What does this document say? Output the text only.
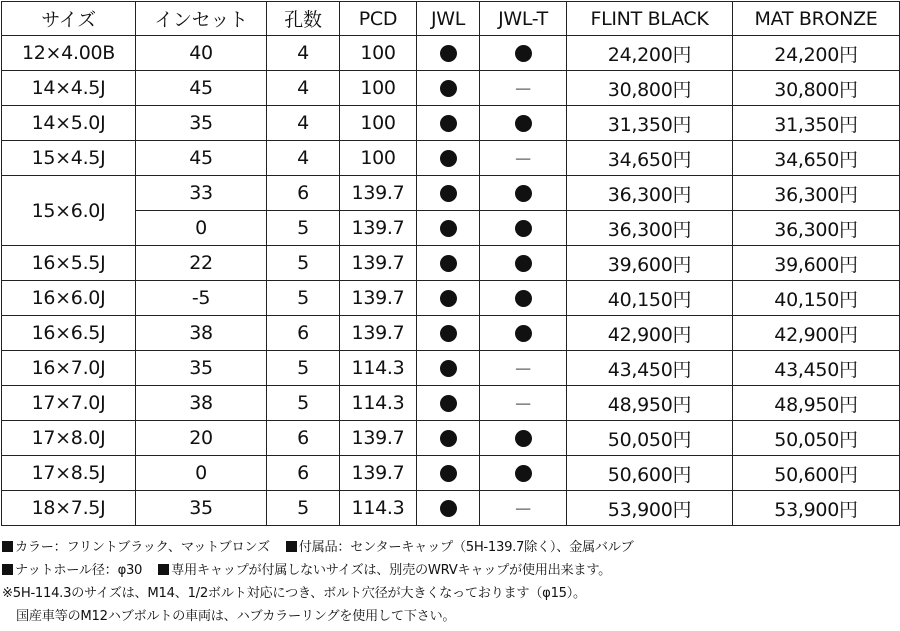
サイズ	インセット	孔数	PCD	JWL	JWL-T	FLINT BLACK	MAT BRONZE
12×4.00B	40	4	100			24,200円	24,200円
14×4.5J	45	4	100		－	30,800円	30,800円
14×5.0J	35	4	100			31,350円	31,350円
15×4.5J	45	4	100		－	34,650円	34,650円
15×6.0J	33	6	139.7			36,300円	36,300円
	0	5	139.7			36,300円	36,300円
16×5.5J	22	5	139.7			39,600円	39,600円
16×6.0J	-5	5	139.7			40,150円	40,150円
16×6.5J	38	6	139.7			42,900円	42,900円
16×7.0J	35	5	114.3		－	43,450円	43,450円
17×7.0J	38	5	114.3		－	48,950円	48,950円
17×8.0J	20	6	139.7			50,050円	50,050円
17×8.5J	0	6	139.7			50,600円	50,600円
18×7.5J	35	5	114.3		－	53,900円	53,900円
カラー：フリントブラック、マットブロンズ 付属品：センターキャップ（5H-139.7除く）、金属バルブ
ナットホール径：φ30 専用キャップが付属しないサイズは、別売のWRVキャップが使用出来ます。
※5H-114.3のサイズは、M14、1/2ボルト対応につき、ボルト穴径が大きくなっております（φ15）。
国産車等のM12ハブボルトの車両は、ハブカラーリングを使用して下さい。
